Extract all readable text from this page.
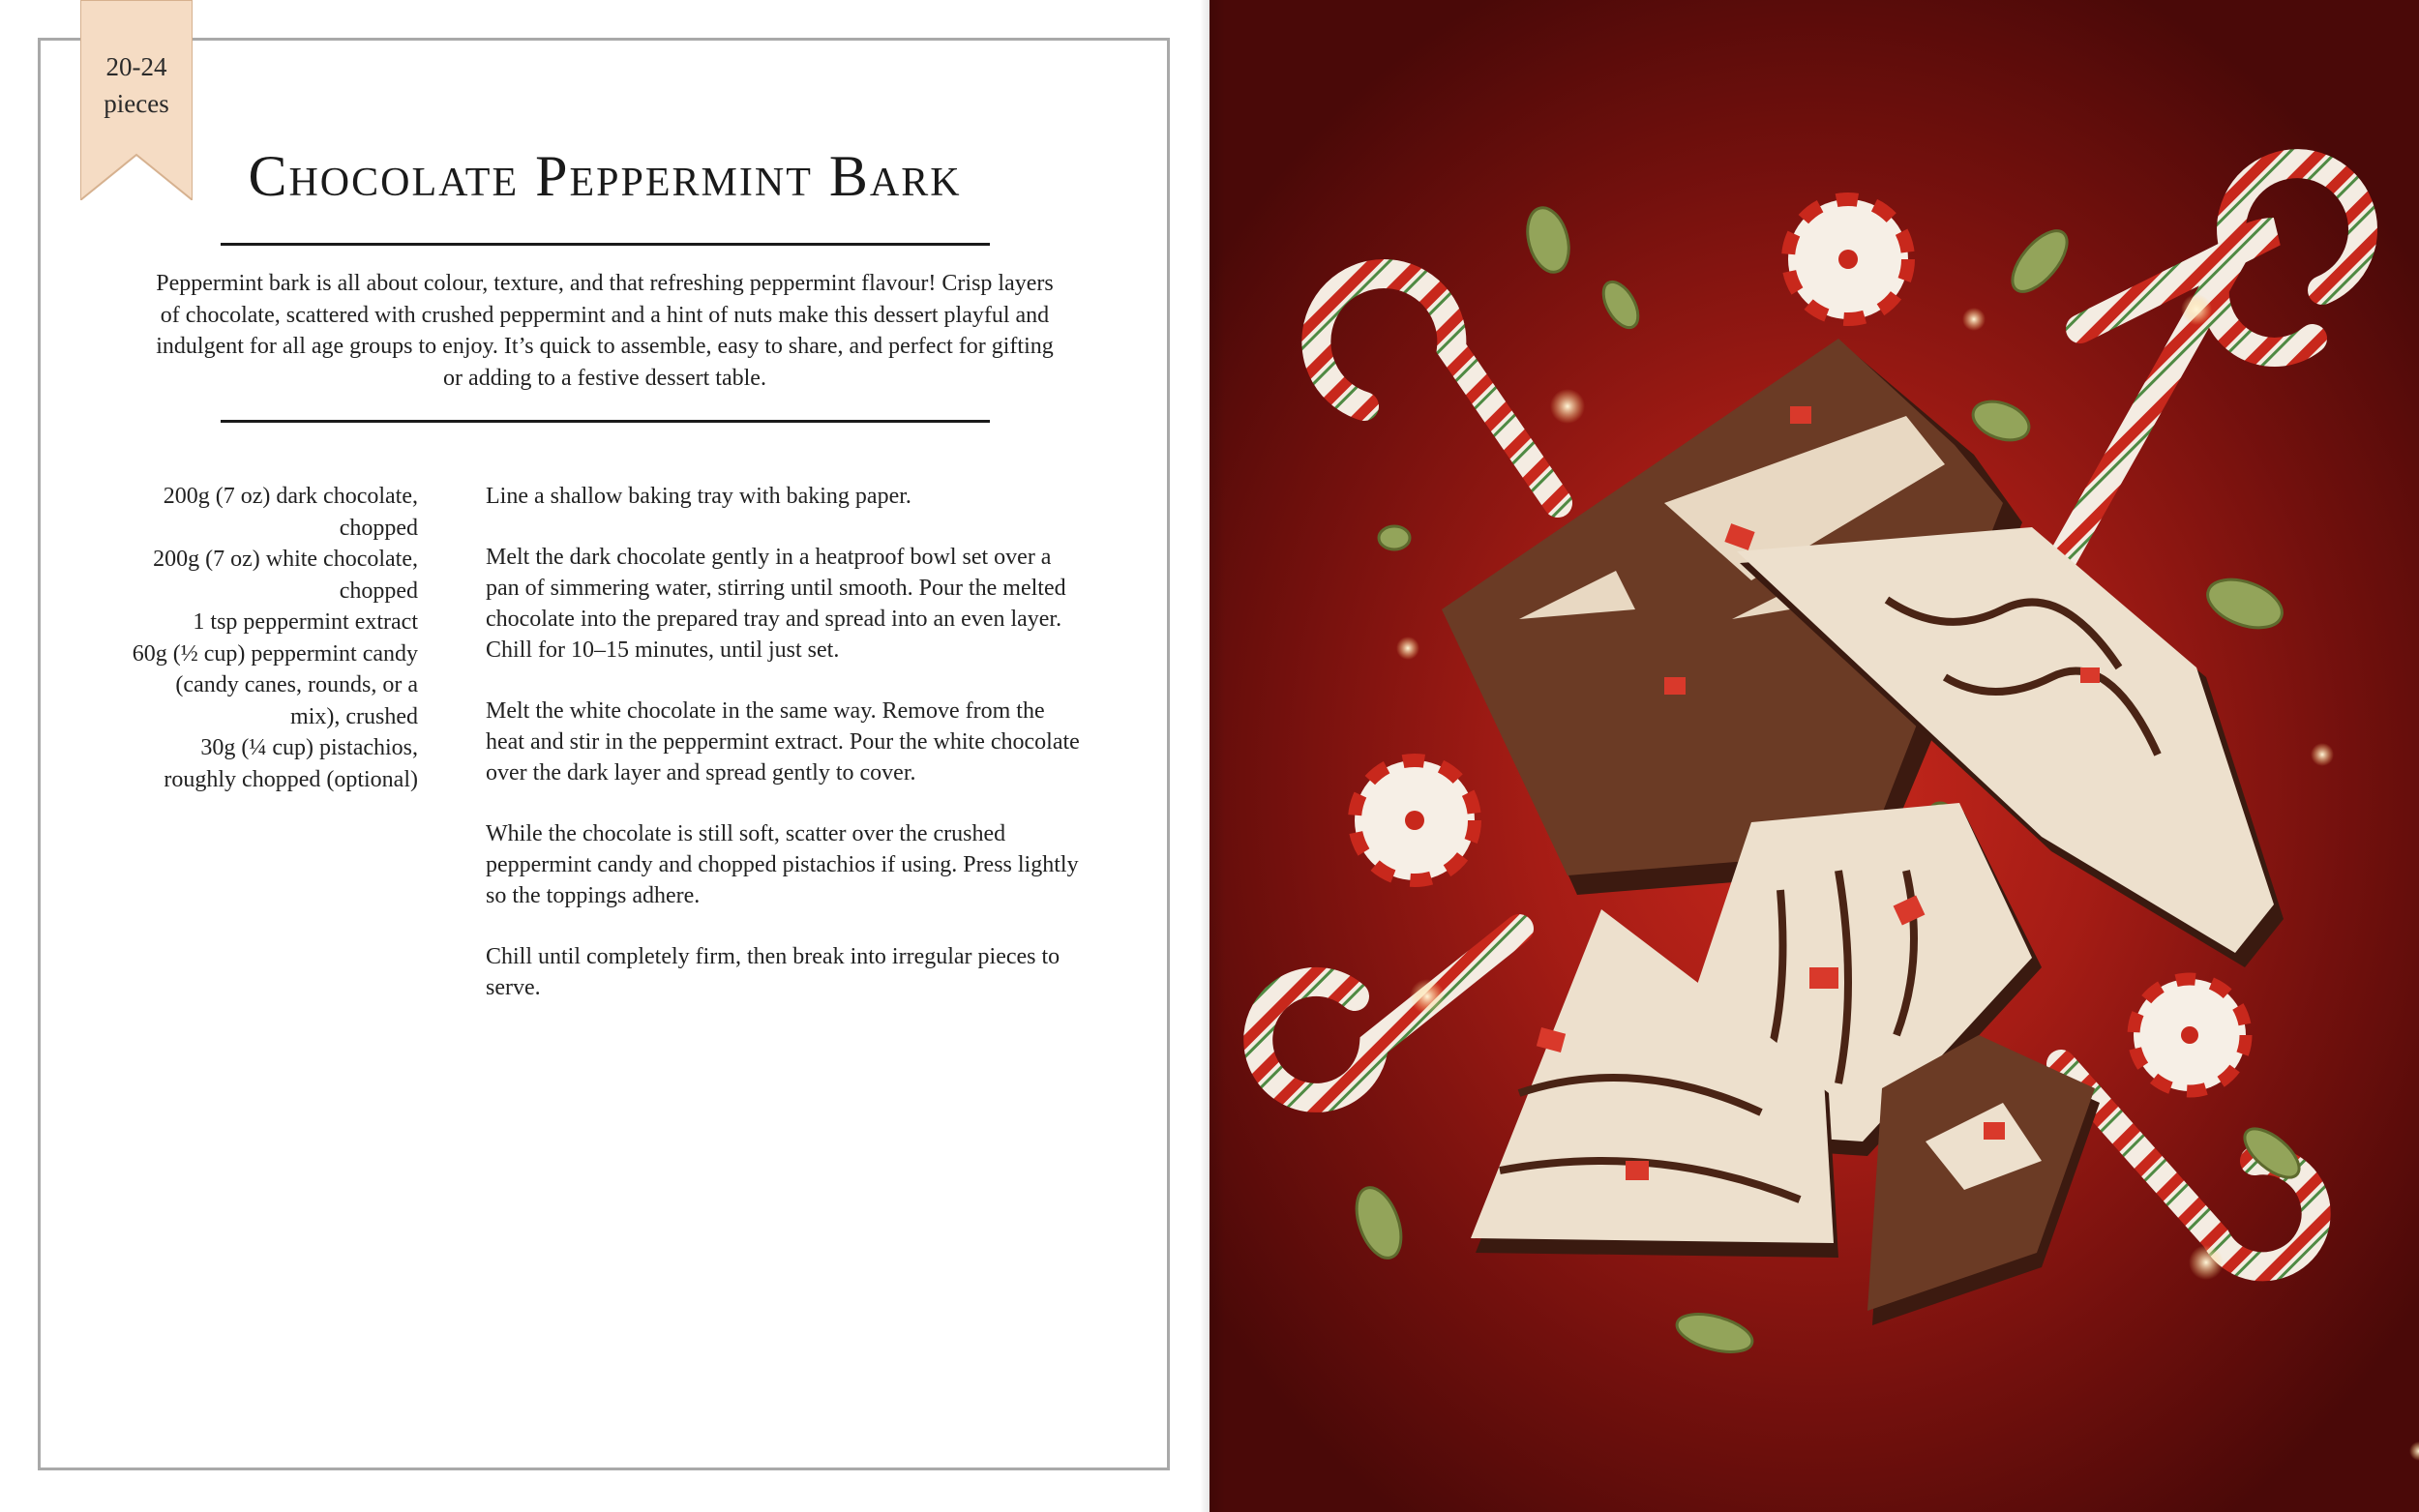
20-24
pieces
Chocolate Peppermint Bark

Peppermint bark is all about colour, texture, and that refreshing peppermint flavour! Crisp layers of chocolate, scattered with crushed peppermint and a hint of nuts make this dessert playful and indulgent for all age groups to enjoy. It’s quick to assemble, easy to share, and perfect for gifting or adding to a festive dessert table.

200g (7 oz) dark chocolate, chopped
200g (7 oz) white chocolate, chopped
1 tsp peppermint extract
60g (½ cup) peppermint candy (candy canes, rounds, or a mix), crushed
30g (¼ cup) pistachios, roughly chopped (optional)

Line a shallow baking tray with baking paper.

Melt the dark chocolate gently in a heatproof bowl set over a pan of simmering water, stirring until smooth. Pour the melted chocolate into the prepared tray and spread into an even layer. Chill for 10–15 minutes, until just set.

Melt the white chocolate in the same way. Remove from the heat and stir in the peppermint extract. Pour the white chocolate over the dark layer and spread gently to cover.

While the chocolate is still soft, scatter over the crushed peppermint candy and chopped pistachios if using. Press lightly so the toppings adhere.

Chill until completely firm, then break into irregular pieces to serve.
